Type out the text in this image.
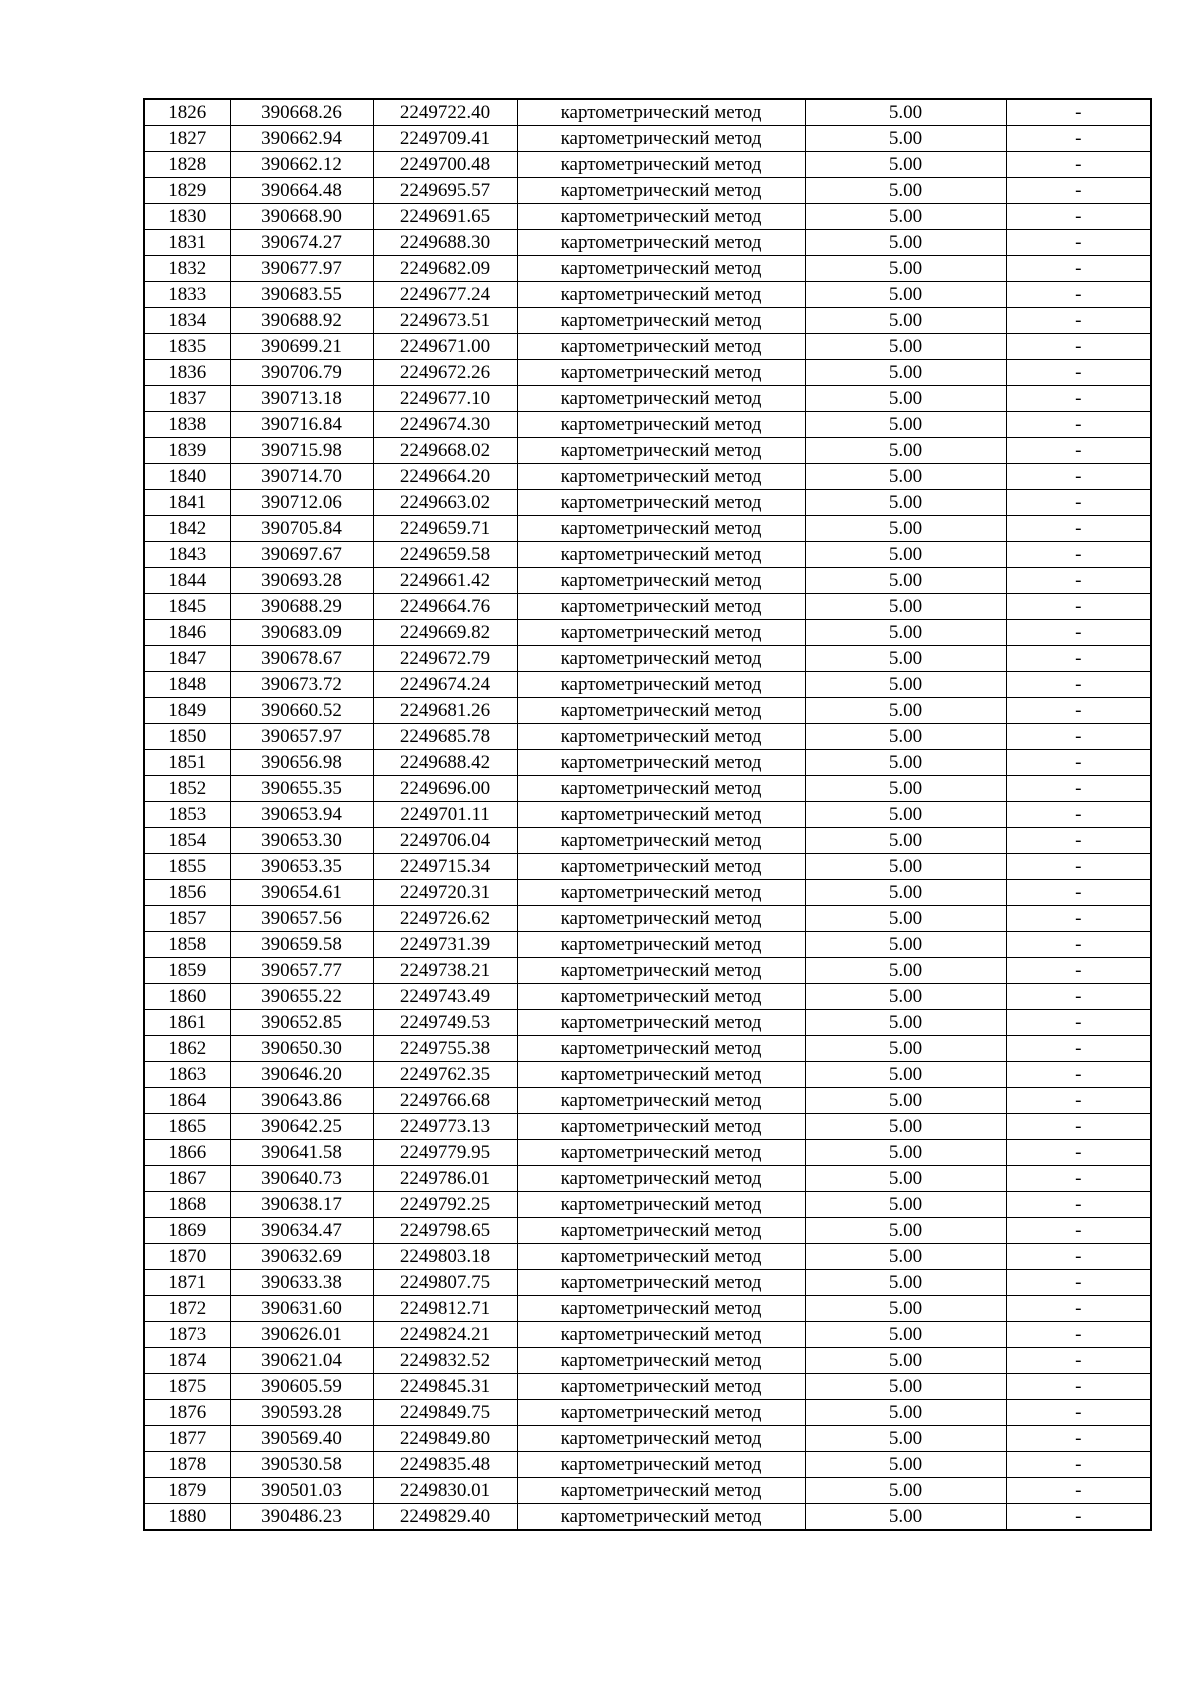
1826	390668.26	2249722.40	картометрический метод	5.00	-
1827	390662.94	2249709.41	картометрический метод	5.00	-
1828	390662.12	2249700.48	картометрический метод	5.00	-
1829	390664.48	2249695.57	картометрический метод	5.00	-
1830	390668.90	2249691.65	картометрический метод	5.00	-
1831	390674.27	2249688.30	картометрический метод	5.00	-
1832	390677.97	2249682.09	картометрический метод	5.00	-
1833	390683.55	2249677.24	картометрический метод	5.00	-
1834	390688.92	2249673.51	картометрический метод	5.00	-
1835	390699.21	2249671.00	картометрический метод	5.00	-
1836	390706.79	2249672.26	картометрический метод	5.00	-
1837	390713.18	2249677.10	картометрический метод	5.00	-
1838	390716.84	2249674.30	картометрический метод	5.00	-
1839	390715.98	2249668.02	картометрический метод	5.00	-
1840	390714.70	2249664.20	картометрический метод	5.00	-
1841	390712.06	2249663.02	картометрический метод	5.00	-
1842	390705.84	2249659.71	картометрический метод	5.00	-
1843	390697.67	2249659.58	картометрический метод	5.00	-
1844	390693.28	2249661.42	картометрический метод	5.00	-
1845	390688.29	2249664.76	картометрический метод	5.00	-
1846	390683.09	2249669.82	картометрический метод	5.00	-
1847	390678.67	2249672.79	картометрический метод	5.00	-
1848	390673.72	2249674.24	картометрический метод	5.00	-
1849	390660.52	2249681.26	картометрический метод	5.00	-
1850	390657.97	2249685.78	картометрический метод	5.00	-
1851	390656.98	2249688.42	картометрический метод	5.00	-
1852	390655.35	2249696.00	картометрический метод	5.00	-
1853	390653.94	2249701.11	картометрический метод	5.00	-
1854	390653.30	2249706.04	картометрический метод	5.00	-
1855	390653.35	2249715.34	картометрический метод	5.00	-
1856	390654.61	2249720.31	картометрический метод	5.00	-
1857	390657.56	2249726.62	картометрический метод	5.00	-
1858	390659.58	2249731.39	картометрический метод	5.00	-
1859	390657.77	2249738.21	картометрический метод	5.00	-
1860	390655.22	2249743.49	картометрический метод	5.00	-
1861	390652.85	2249749.53	картометрический метод	5.00	-
1862	390650.30	2249755.38	картометрический метод	5.00	-
1863	390646.20	2249762.35	картометрический метод	5.00	-
1864	390643.86	2249766.68	картометрический метод	5.00	-
1865	390642.25	2249773.13	картометрический метод	5.00	-
1866	390641.58	2249779.95	картометрический метод	5.00	-
1867	390640.73	2249786.01	картометрический метод	5.00	-
1868	390638.17	2249792.25	картометрический метод	5.00	-
1869	390634.47	2249798.65	картометрический метод	5.00	-
1870	390632.69	2249803.18	картометрический метод	5.00	-
1871	390633.38	2249807.75	картометрический метод	5.00	-
1872	390631.60	2249812.71	картометрический метод	5.00	-
1873	390626.01	2249824.21	картометрический метод	5.00	-
1874	390621.04	2249832.52	картометрический метод	5.00	-
1875	390605.59	2249845.31	картометрический метод	5.00	-
1876	390593.28	2249849.75	картометрический метод	5.00	-
1877	390569.40	2249849.80	картометрический метод	5.00	-
1878	390530.58	2249835.48	картометрический метод	5.00	-
1879	390501.03	2249830.01	картометрический метод	5.00	-
1880	390486.23	2249829.40	картометрический метод	5.00	-
